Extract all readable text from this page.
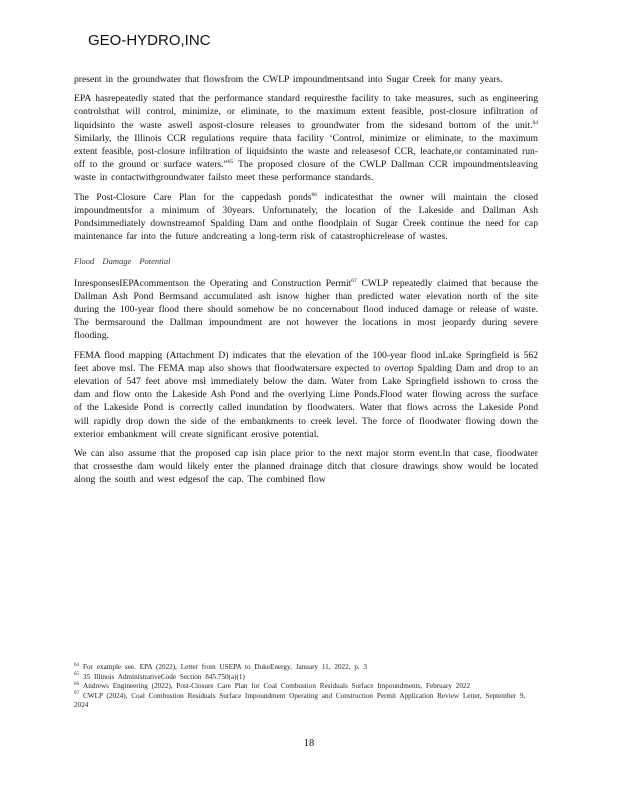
GEO-HYDRO,INC

present in the groundwater that flowsfrom the CWLP impoundmentsand into Sugar Creek for many years.

EPA hasrepeatedly stated that the performance standard requiresthe facility to take measures, such as engineering controlsthat will control, minimize, or eliminate, to the maximum extent feasible, post-closure infiltration of liquidsinto the waste aswell aspost-closure releases to groundwater from the sidesand bottom of the unit.$^{64}$ Similarly, the Illinois CCR regulations require thata facility ‘Control, minimize or eliminate, to the maximum extent feasible, post-closure infiltration of liquidsinto the waste and releasesof CCR, leachate,or contaminated run-off to the ground or surface waters.”$^{65}$ The proposed closure of the CWLP Dallman CCR impoundmentsleaving waste in contactwithgroundwater failsto meet these performance standards.

The Post-Closure Care Plan for the cappedash ponds$^{66}$ indicatesthat the owner will maintain the closed impoundmentsfor a minimum of 30years. Unfortunately, the location of the Lakeside and Dallman Ash Pondsimmediately downstreamof Spalding Dam and onthe floodplain of Sugar Creek continue the need for cap maintenance far into the future andcreating a long-term risk of catastrophicrelease of wastes.

Flood Damage Potential

InresponsesIEPAcommentson the Operating and Construction Permit$^{67}$ CWLP repeatedly claimed that because the Dallman Ash Pond Bermsand accumulated ash isnow higher than predicted water elevation north of the site during the 100-year flood there should somehow be no concernabout flood induced damage or release of waste. The bermsaround the Dallman impoundment are not however the locations in most jeopardy during severe flooding.

FEMA flood mapping (Attachment D) indicates that the elevation of the 100-year flood inLake Springfield is 562 feet above msl. The FEMA map also shows that floodwatersare expected to overtop Spalding Dam and drop to an elevation of 547 feet above msl immediately below the dam. Water from Lake Springfield isshown to cross the dam and flow onto the Lakeside Ash Pond and the overlying Lime Ponds.Flood water flowing across the surface of the Lakeside Pond is correctly called inundation by floodwaters. Water that flows across the Lakeside Pond will rapidly drop down the side of the embankments to creek level. The force of floodwater flowing down the exterior embankment will create significant erosive potential.

We can also assume that the proposed cap isin place prior to the next major storm event.In that case, floodwater that crossesthe dam would likely enter the planned drainage ditch that closure drawings show would be located along the south and west edgesof the cap. The combined flow

$^{64}$ For example see. EPA (2022), Letter from USEPA to DukeEnergy, January 11, 2022, p. 3
$^{65}$ 35 Illinois AdministrativeCode Section 845.750(a)(1)
$^{66}$ Andrews Engineering (2022), Post-Closure Care Plan for Coal Combustion Residuals Surface Impoundments, February 2022
$^{67}$ CWLP (2024), Coal Combustion Residuals Surface Impoundment Operating and Construction Permit Application Review Letter, September 9, 2024
18
